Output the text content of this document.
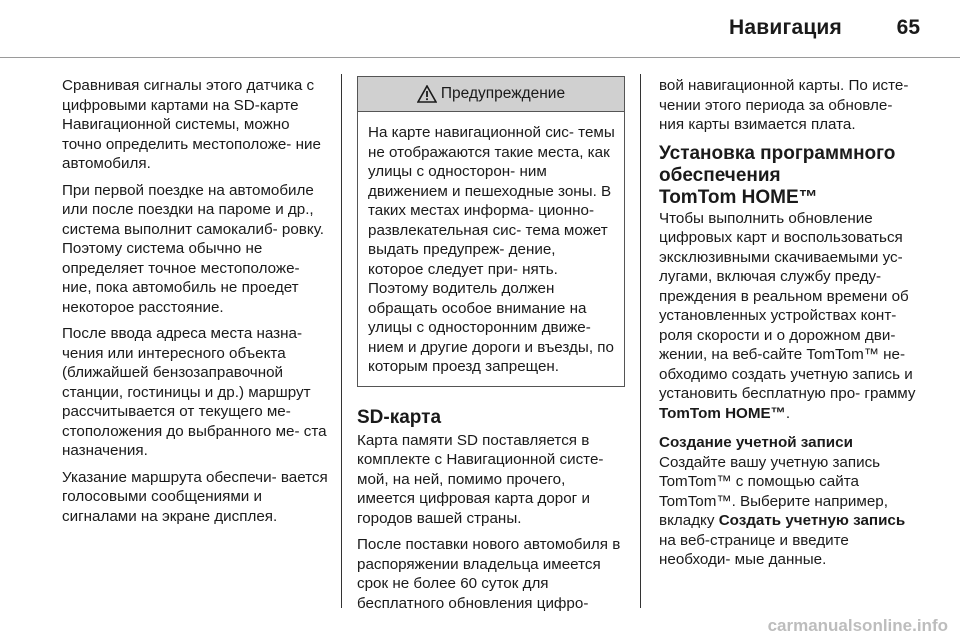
Навигация	65

Сравнивая сигналы этого датчика с цифровыми картами на SD-карте Навигационной системы, можно точно определить местоположе- ние автомобиля.

При первой поездке на автомобиле или после поездки на пароме и др., система выполнит самокалиб- ровку. Поэтому система обычно не определяет точное местоположе- ние, пока автомобиль не проедет некоторое расстояние.

После ввода адреса места назна- чения или интересного объекта (ближайшей бензозаправочной станции, гостиницы и др.) маршрут рассчитывается от текущего ме- стоположения до выбранного ме- ста назначения.

Указание маршрута обеспечи- вается голосовыми сообщениями и сигналами на экране дисплея.

Предупреждение
На карте навигационной сис- темы не отображаются такие места, как улицы с односторон- ним движением и пешеходные зоны. В таких местах информа- ционно-развлекательная сис- тема может выдать предупреж- дение, которое следует при- нять. Поэтому водитель должен обращать особое внимание на улицы с односторонним движе- нием и другие дороги и въезды, по которым проезд запрещен.
SD-карта

Карта памяти SD поставляется в комплекте с Навигационной систе- мой, на ней, помимо прочего, имеется цифровая карта дорог и городов вашей страны.

После поставки нового автомобиля в распоряжении владельца имеется срок не более 60 суток для бесплатного обновления цифро-

вой навигационной карты. По исте- чении этого периода за обновле- ния карты взимается плата.

Установка программного обеспечения
TomTom HOME™

Чтобы выполнить обновление цифровых карт и воспользоваться эксклюзивными скачиваемыми ус- лугами, включая службу преду- преждения в реальном времени об установленных устройствах конт- роля скорости и о дорожном дви- жении, на веб-сайте TomTom™ не- обходимо создать учетную запись и установить бесплатную про- грамму TomTom HOME™.

Создание учетной записи

Создайте вашу учетную запись TomTom™ с помощью сайта TomTom™. Выберите например, вкладку Создать учетную запись на веб-странице и введите необходи- мые данные.

carmanualsonline.info
